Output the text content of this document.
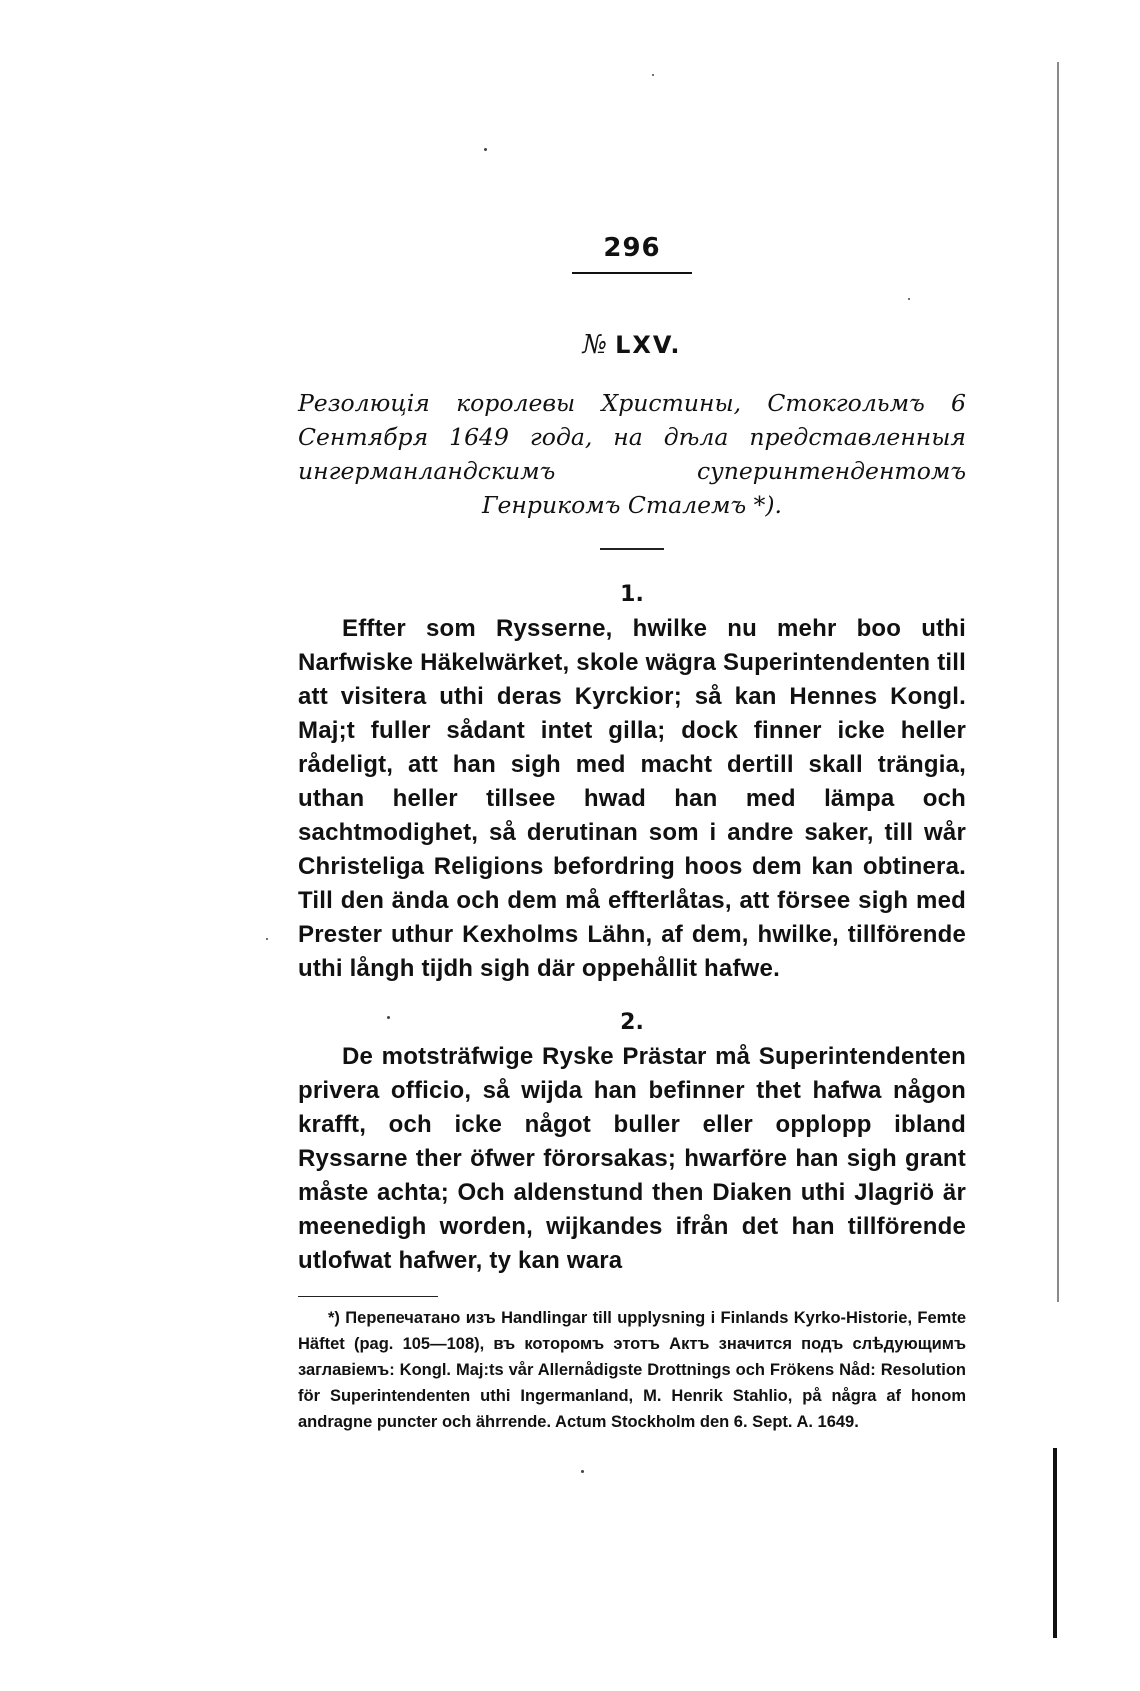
296
№ LXV.
Резолюція королевы Христины, Стокгольмъ 6 Сентября 1649 года, на дѣла представленныя ингерманландскимъ суперинтендентомъ Генрикомъ Сталемъ *).
1.

Effter som Rysserne, hwilke nu mehr boo uthi Narfwiske Häkelwärket, skole wägra Superintendenten till att visitera uthi deras Kyrckior; så kan Hennes Kongl. Maj;t fuller sådant intet gilla; dock finner icke heller rådeligt, att han sigh med macht dertill skall trängia, uthan heller tillsee hwad han med lämpa och sachtmodighet, så derutinan som i andre saker, till wår Christeliga Religions befordring hoos dem kan obtinera. Till den ända och dem må effterlåtas, att försee sigh med Prester uthur Kexholms Lähn, af dem, hwilke, tillförende uthi långh tijdh sigh där oppehållit hafwe.

2.

De motsträfwige Ryske Prästar må Superintendenten privera officio, så wijda han befinner thet hafwa någon krafft, och icke något buller eller opplopp ibland Ryssarne ther öfwer förorsakas; hwarföre han sigh grant måste achta; Och aldenstund then Diaken uthi Jlagriö är meenedigh worden, wijkandes ifrån det han tillförende utlofwat hafwer, ty kan wara

*) Перепечатано изъ Handlingar till upplysning i Finlands Kyrko-Historie, Femte Häftet (pag. 105—108), въ которомъ этотъ Актъ значится подъ слѣдующимъ заглавіемъ: Kongl. Maj:ts vår Allernådigste Drottnings och Frökens Nåd: Resolution för Superintendenten uthi Ingermanland, M. Henrik Stahlio, på några af honom andragne puncter och ährrende. Actum Stockholm den 6. Sept. A. 1649.
